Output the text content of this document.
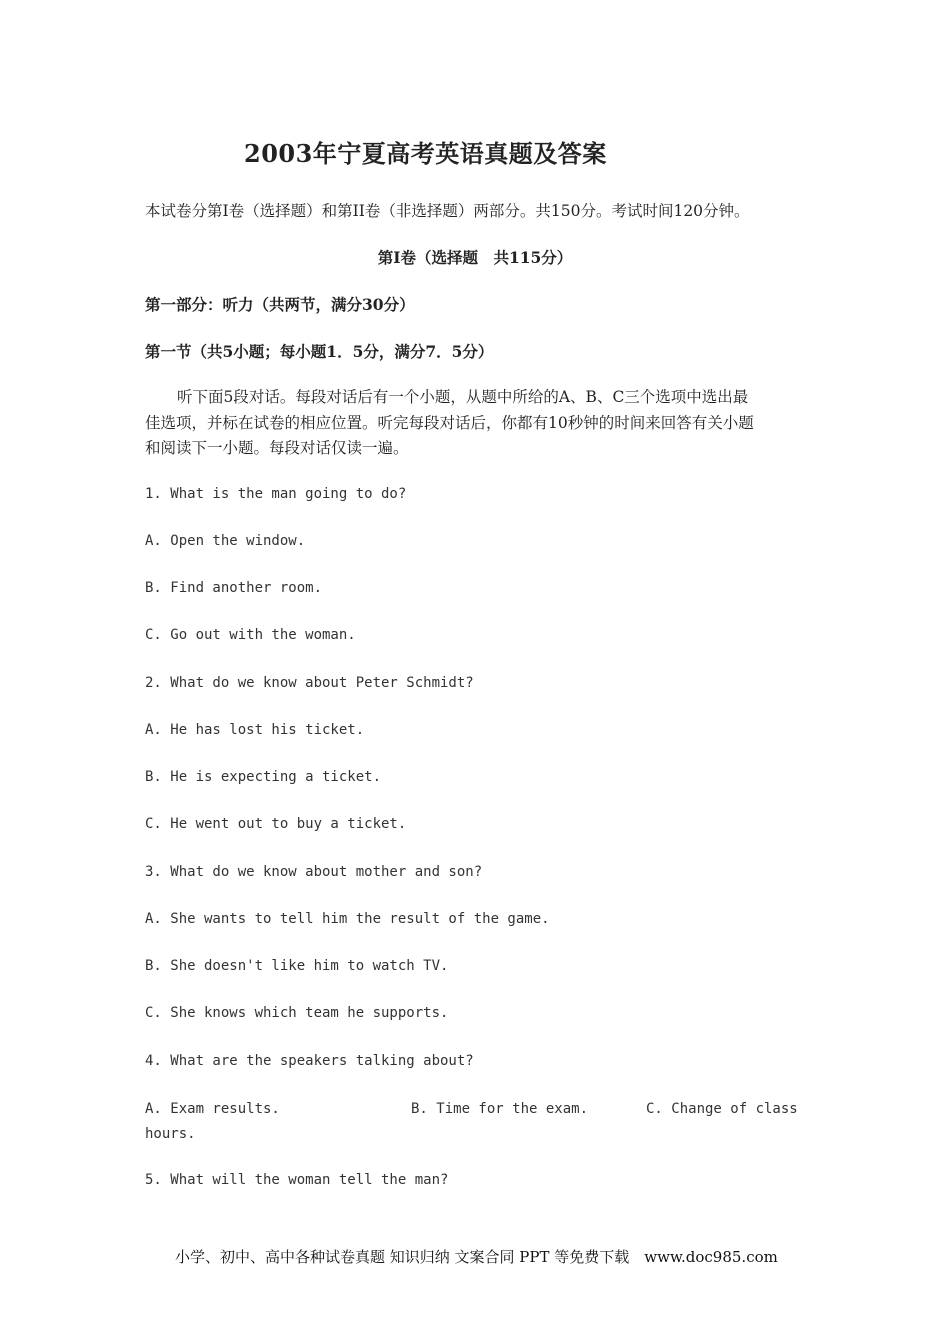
2003年宁夏高考英语真题及答案
本试卷分第Ⅰ卷（选择题）和第II卷（非选择题）两部分。共150分。考试时间120分钟。
第Ⅰ卷（选择题　共115分）
第一部分：听力（共两节，满分30分）
第一节（共5小题；每小题1．5分，满分7．5分）
听下面5段对话。每段对话后有一个小题，从题中所给的A、B、C三个选项中选出最
佳选项，并标在试卷的相应位置。听完每段对话后，你都有10秒钟的时间来回答有关小题
和阅读下一小题。每段对话仅读一遍。
1. What is the man going to do?
A. Open the window.
B. Find another room.
C. Go out with the woman.
2. What do we know about Peter Schmidt?
A. He has lost his ticket.
B. He is expecting a ticket.
C. He went out to buy a ticket.
3. What do we know about mother and son?
A. She wants to tell him the result of the game.
B. She doesn't like him to watch TV.
C. She knows which team he supports.
4. What are the speakers talking about?
A. Exam results.	B. Time for the exam.	C. Change of class
hours.
5. What will the woman tell the man?
小学、初中、高中各种试卷真题 知识归纳 文案合同 PPT 等免费下载　www.doc985.com
